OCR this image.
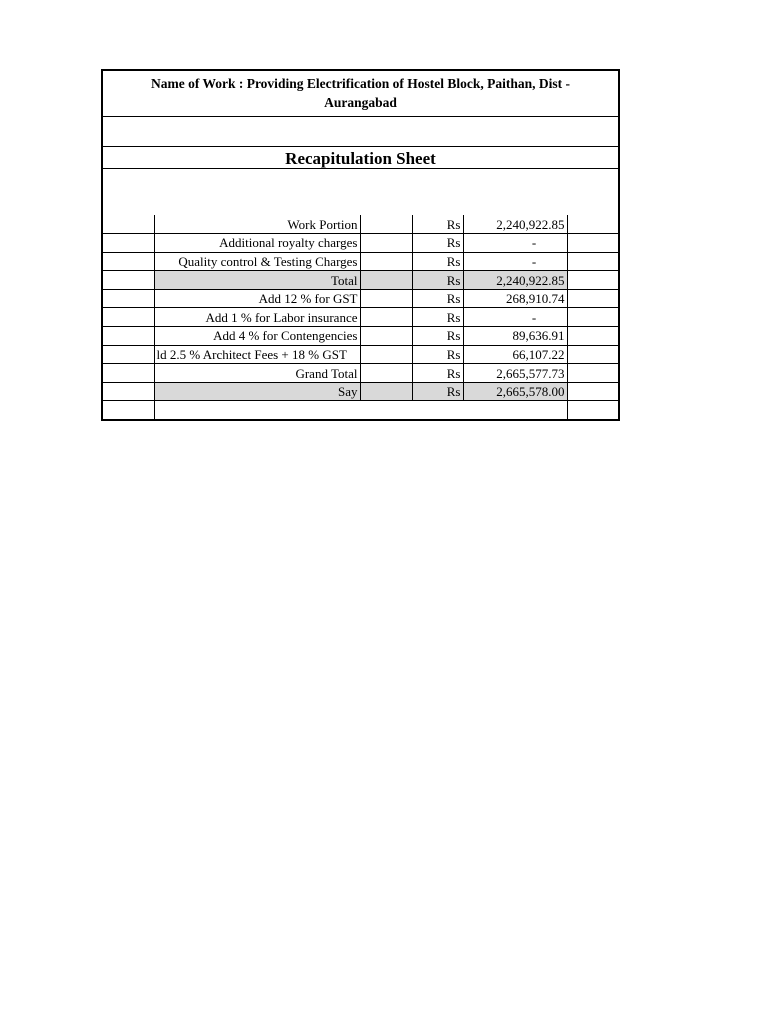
Name of Work : Providing Electrification of Hostel Block, Paithan, Dist - Aurangabad
Recapitulation Sheet
	Work Portion		Rs	2,240,922.85	
	Additional royalty charges		Rs	-	
	Quality control & Testing Charges		Rs	-	
	Total		Rs	2,240,922.85	
	Add 12 % for GST		Rs	268,910.74	
	Add 1 % for Labor insurance		Rs	-	
	Add 4 % for Contengencies		Rs	89,636.91	
	ld 2.5 % Architect Fees + 18 % GST		Rs	66,107.22	
	Grand Total		Rs	2,665,577.73	
	Say		Rs	2,665,578.00	
